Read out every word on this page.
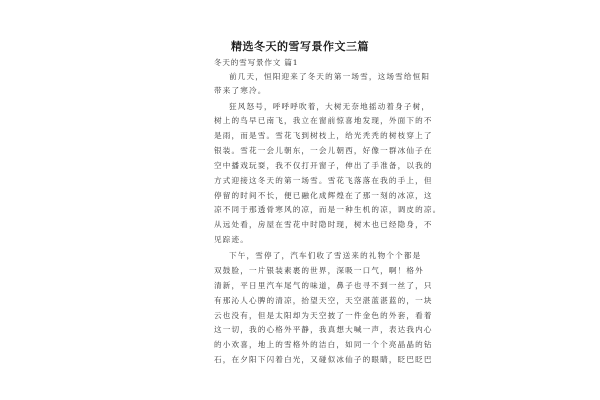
精选冬天的雪写景作文三篇
冬天的雪写景作文 篇1
前几天，恒阳迎来了冬天的第一场雪，这场雪给恒阳
带来了寒冷。
狂风怒号，呼呼呼吹着，大树无奈地摇动着身子树，
树上的鸟早已南飞，我立在窗前惊喜地发现，外面下的不
是雨，而是雪。雪花飞到树枝上，给光秃秃的树枝穿上了
银装。雪花一会儿朝东，一会儿朝西，好像一群冰仙子在
空中播戏玩耍，我不仅打开窗子，伸出了手准备，以我的
方式迎接这冬天的第一场雪。雪花飞落落在我的手上，但
停留的时间不长，便已融化成辉煌在了那一刻的冰凉，这
凉不同于那透骨寒风的凉，而是一种生机的凉，调皮的凉。
从远处看，房屋在雪花中时隐时现，树木也已经隐身，不
见踪迹。
下午，雪停了，汽车们收了雪送来的礼物个个都是
双鼓脸，一片银装素裹的世界，深吸一口气，啊！格外
清新，平日里汽车尾气的味道，鼻子也寻不到一丝了，只
有那沁人心脾的清凉，抬望天空，天空湛蓝湛蓝的，一块
云也没有，但是太阳却为天空披了一件金色的外套，看着
这一切，我的心格外平静，我真想大喊一声，表达我内心
的小欢喜，地上的雪格外的洁白，如同一个个亮晶晶的钻
石，在夕阳下闪着白光，又碰似冰仙子的眼睛，眨巴眨巴
